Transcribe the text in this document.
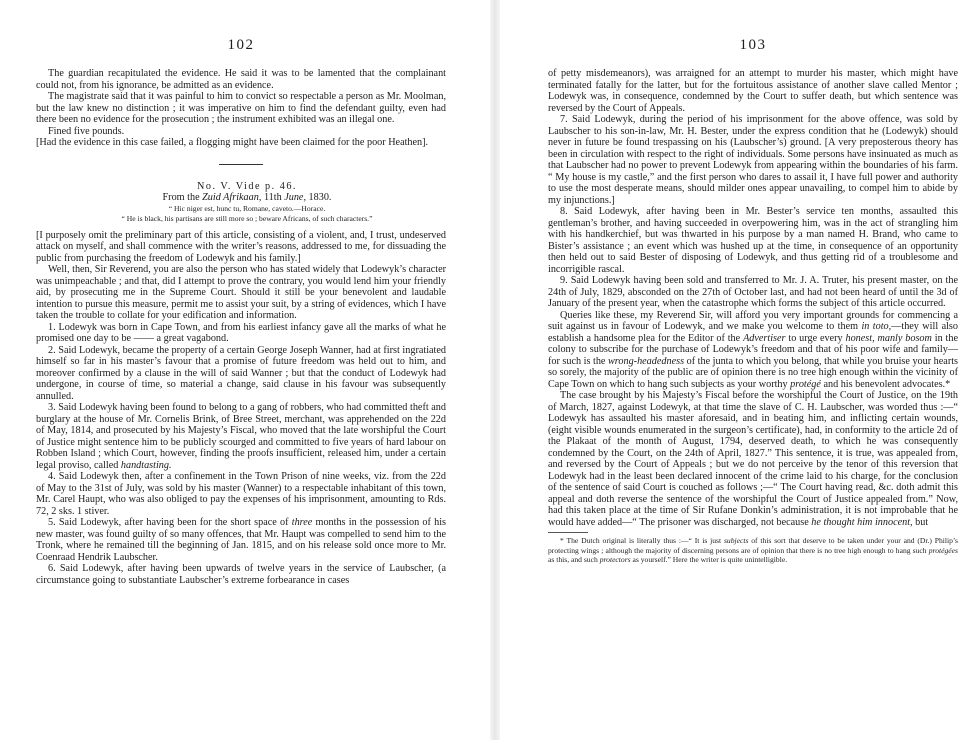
102

The guardian recapitulated the evidence. He said it was to be lamented that the complainant could not, from his ignorance, be admitted as an evidence.

The magistrate said that it was painful to him to convict so respectable a person as Mr. Moolman, but the law knew no distinction ; it was imperative on him to find the defendant guilty, even had there been no evidence for the prosecution ; the instrument exhibited was an illegal one.

Fined five pounds.

[Had the evidence in this case failed, a flogging might have been claimed for the poor Heathen].

No. V. Vide p. 46.

From the Zuid Afrikaan, 11th June, 1830.

“ Hic niger est, hunc tu, Romane, caveto.—Horace.

“ He is black, his partisans are still more so ; beware Africans, of such characters.”

[I purposely omit the preliminary part of this article, consisting of a violent, and, I trust, undeserved attack on myself, and shall commence with the writer’s reasons, addressed to me, for dissuading the public from purchasing the freedom of Lodewyk and his family.]

Well, then, Sir Reverend, you are also the person who has stated widely that Lodewyk’s character was unimpeachable ; and that, did I attempt to prove the contrary, you would lend him your friendly aid, by prosecuting me in the Supreme Court. Should it still be your benevolent and laudable intention to pursue this measure, permit me to assist your suit, by a string of evidences, which I have taken the trouble to collate for your edification and information.

1. Lodewyk was born in Cape Town, and from his earliest infancy gave all the marks of what he promised one day to be —— a great vagabond.

2. Said Lodewyk, became the property of a certain George Joseph Wanner, had at first ingratiated himself so far in his master’s favour that a promise of future freedom was held out to him, and moreover confirmed by a clause in the will of said Wanner ; but that the conduct of Lodewyk had undergone, in course of time, so material a change, said clause in his favour was subsequently annulled.

3. Said Lodewyk having been found to belong to a gang of robbers, who had committed theft and burglary at the house of Mr. Cornelis Brink, of Bree Street, merchant, was apprehended on the 22d of May, 1814, and prosecuted by his Majesty’s Fiscal, who moved that the late worshipful the Court of Justice might sentence him to be publicly scourged and committed to five years of hard labour on Robben Island ; which Court, however, finding the proofs insufficient, released him, under a certain legal proviso, called handtasting.

4. Said Lodewyk then, after a confinement in the Town Prison of nine weeks, viz. from the 22d of May to the 31st of July, was sold by his master (Wanner) to a respectable inhabitant of this town, Mr. Carel Haupt, who was also obliged to pay the expenses of his imprisonment, amounting to Rds. 72, 2 sks. 1 stiver.

5. Said Lodewyk, after having been for the short space of three months in the possession of his new master, was found guilty of so many offences, that Mr. Haupt was compelled to send him to the Tronk, where he remained till the beginning of Jan. 1815, and on his release sold once more to Mr. Coenraad Hendrik Laubscher.

6. Said Lodewyk, after having been upwards of twelve years in the service of Laubscher, (a circumstance going to substantiate Laubscher’s extreme forbearance in cases

103

of petty misdemeanors), was arraigned for an attempt to murder his master, which might have terminated fatally for the latter, but for the fortuitous assistance of another slave called Mentor ; Lodewyk was, in consequence, condemned by the Court to suffer death, but which sentence was reversed by the Court of Appeals.

7. Said Lodewyk, during the period of his imprisonment for the above offence, was sold by Laubscher to his son-in-law, Mr. H. Bester, under the express condition that he (Lodewyk) should never in future be found trespassing on his (Laubscher’s) ground. [A very preposterous theory has been in circulation with respect to the right of individuals. Some persons have insinuated as much as that Laubscher had no power to prevent Lodewyk from appearing within the boundaries of his farm. “ My house is my castle,” and the first person who dares to assail it, I have full power and authority to use the most desperate means, should milder ones appear unavailing, to compel him to abide by my injunctions.]

8. Said Lodewyk, after having been in Mr. Bester’s service ten months, assaulted this gentleman’s brother, and having succeeded in overpowering him, was in the act of strangling him with his handkerchief, but was thwarted in his purpose by a man named H. Brand, who came to Bister’s assistance ; an event which was hushed up at the time, in consequence of an opportunity then held out to said Bester of disposing of Lodewyk, and thus getting rid of a troublesome and incorrigible rascal.

9. Said Lodewyk having been sold and transferred to Mr. J. A. Truter, his present master, on the 24th of July, 1829, absconded on the 27th of October last, and had not been heard of until the 3d of January of the present year, when the catastrophe which forms the subject of this article occurred.

Queries like these, my Reverend Sir, will afford you very important grounds for commencing a suit against us in favour of Lodewyk, and we make you welcome to them in toto,—they will also establish a handsome plea for the Editor of the Advertiser to urge every honest, manly bosom in the colony to subscribe for the purchase of Lodewyk’s freedom and that of his poor wife and family—for such is the wrong-headedness of the junta to which you belong, that while you bruise your hearts so sorely, the majority of the public are of opinion there is no tree high enough within the vicinity of Cape Town on which to hang such subjects as your worthy protégé and his benevolent advocates.*

The case brought by his Majesty’s Fiscal before the worshipful the Court of Justice, on the 19th of March, 1827, against Lodewyk, at that time the slave of C. H. Laubscher, was worded thus :—“ Lodewyk has assaulted his master aforesaid, and in beating him, and inflicting certain wounds, (eight visible wounds enumerated in the surgeon’s certificate), had, in conformity to the article 2d of the Plakaat of the month of August, 1794, deserved death, to which he was consequently condemned by the Court, on the 24th of April, 1827.” This sentence, it is true, was appealed from, and reversed by the Court of Appeals ; but we do not perceive by the tenor of this reversion that Lodewyk had in the least been declared innocent of the crime laid to his charge, for the conclusion of the sentence of said Court is couched as follows ;—“ The Court having read, &c. doth admit this appeal and doth reverse the sentence of the worshipful the Court of Justice appealed from.” Now, had this taken place at the time of Sir Rufane Donkin’s administration, it is not improbable that he would have added—“ The prisoner was discharged, not because he thought him innocent, but

* The Dutch original is literally thus :—“ It is just subjects of this sort that deserve to be taken under your and (Dr.) Philip’s protecting wings ; although the majority of discerning persons are of opinion that there is no tree high enough to hang such protégées as this, and such protectors as yourself.” Here the writer is quite unintelligible.
